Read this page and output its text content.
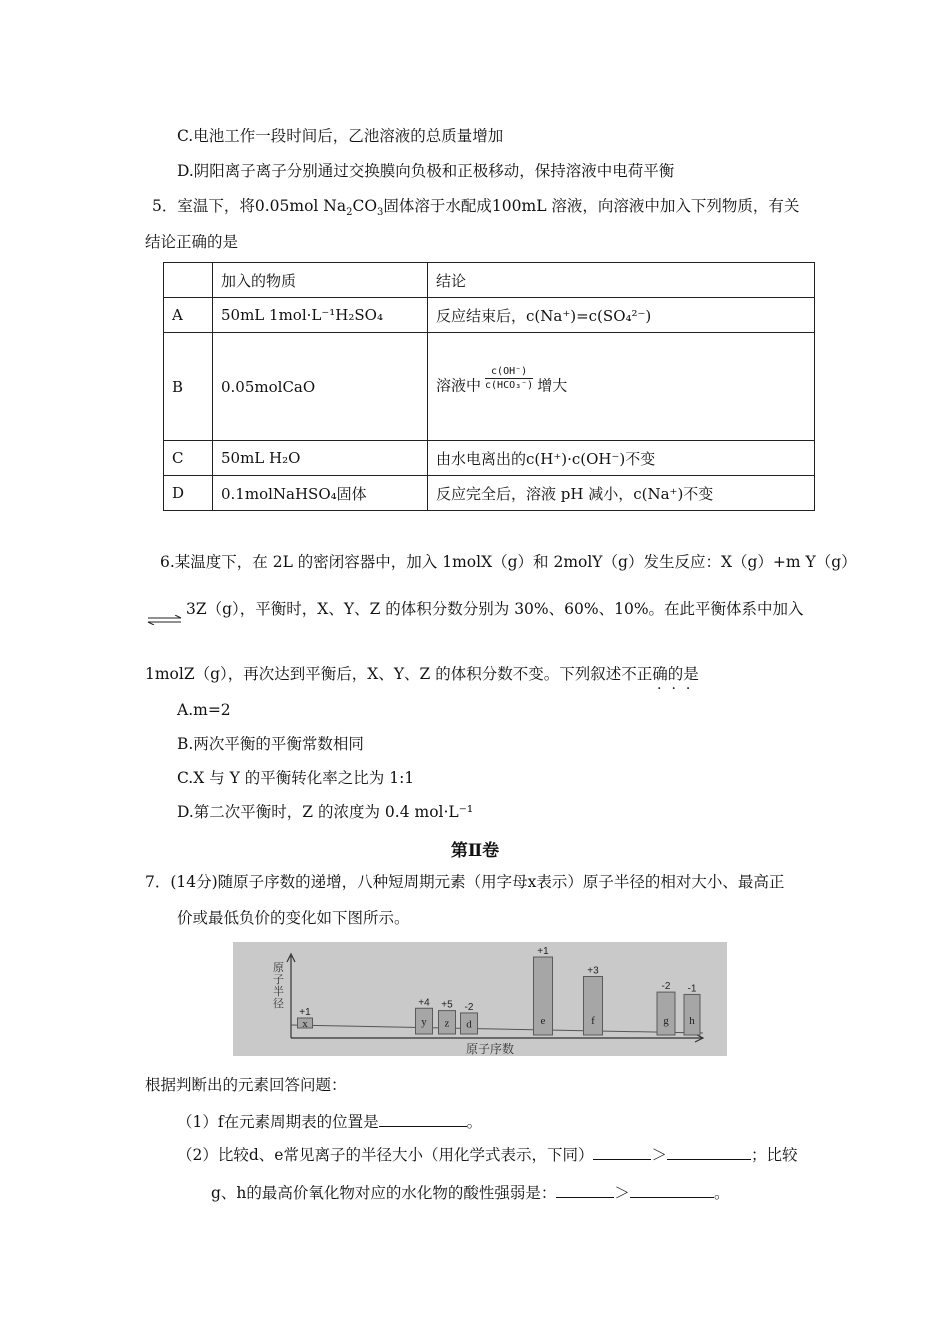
C.电池工作一段时间后，乙池溶液的总质量增加
D.阴阳离子离子分别通过交换膜向负极和正极移动，保持溶液中电荷平衡
5．室温下，将0.05mol $Na_2CO_3$固体溶于水配成100mL 溶液，向溶液中加入下列物质，有关
结论正确的是
	加入的物质	结论
A	50mL 1mol·L⁻¹H₂SO₄	反应结束后，c(Na⁺)=c(SO₄²⁻)
B	0.05molCaO	溶液中 $\frac{c(OH^-)}{\text{c(HCO₃⁻)}}$ 增大
C	50mL H₂O	由水电离出的c(H⁺)·c(OH⁻)不变
D	0.1molNaHSO₄固体	反应完全后，溶液 pH 减小，c(Na⁺)不变
6.某温度下，在 2L 的密闭容器中，加入 1molX（g）和 2molY（g）发生反应：X（g）+m Y（g）
3Z（g），平衡时，X、Y、Z 的体积分数分别为 30%、60%、10%。在此平衡体系中加入
1molZ（g），再次达到平衡后，X、Y、Z 的体积分数不变。下列叙述不正确的是
···
A.m=2
B.两次平衡的平衡常数相同
C.X 与 Y 的平衡转化率之比为 1:1
D.第二次平衡时，Z 的浓度为 0.4 mol·L⁻¹
第Ⅱ卷
7．(14分)随原子序数的递增，八种短周期元素（用字母x表示）原子半径的相对大小、最高正
价或最低负价的变化如下图所示。
x
+1
y
+4
z
+5
d
-2
e
+1
f
+3
g
-2
h
-1
原子半径
原子序数
根据判断出的元素回答问题：
（1）f在元素周期表的位置是	。
（2）比较d、e常见离子的半径大小（用化学式表示，下同）	＞	；比较
g、h的最高价氧化物对应的水化物的酸性强弱是：	＞	。
